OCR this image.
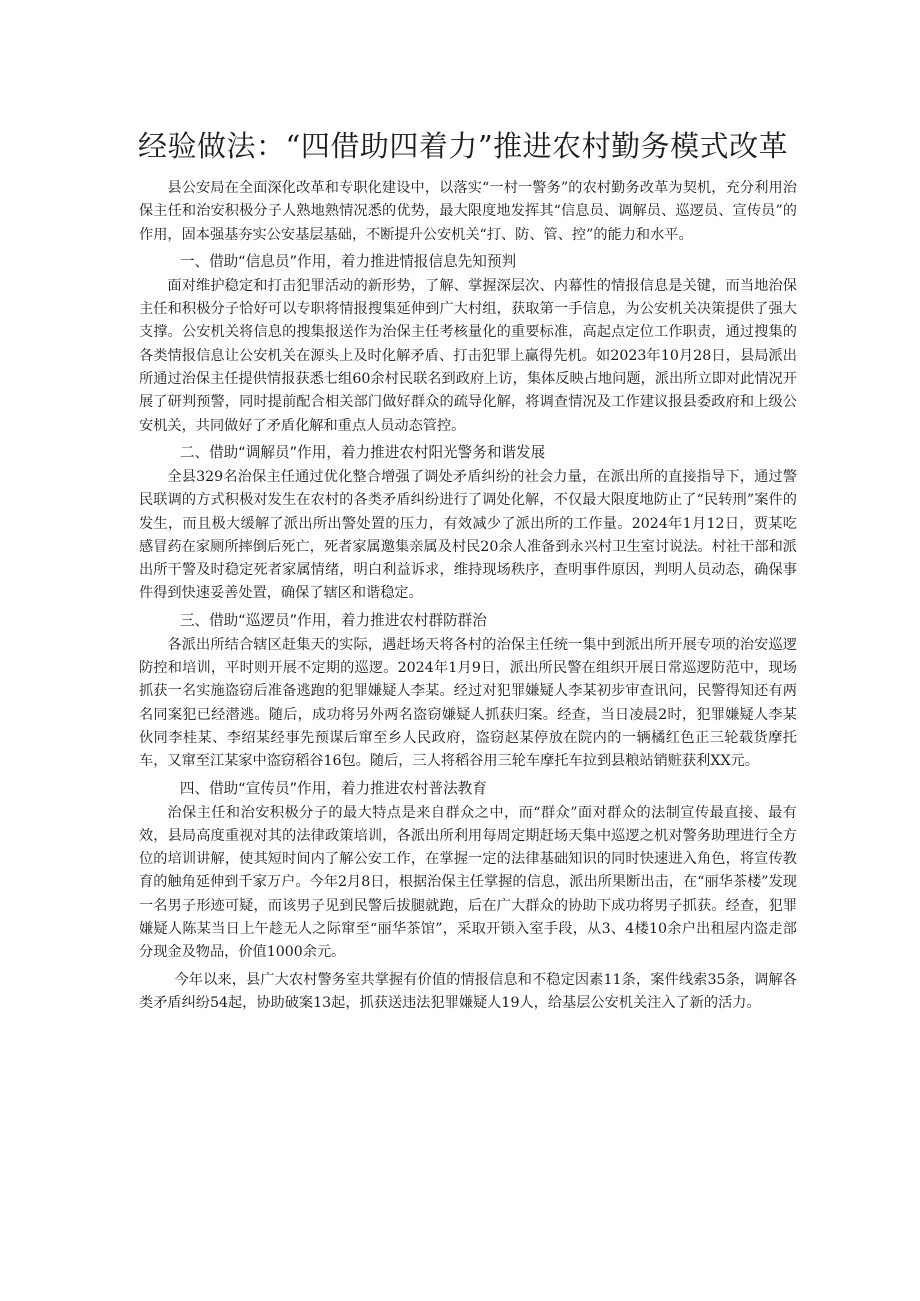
经验做法：“四借助四着力”推进农村勤务模式改革

县公安局在全面深化改革和专职化建设中，以落实“一村一警务”的农村勤务改革为契机，充分利用治保主任和治安积极分子人熟地熟情况悉的优势，最大限度地发挥其“信息员、调解员、巡逻员、宣传员”的作用，固本强基夯实公安基层基础，不断提升公安机关“打、防、管、控”的能力和水平。

一、借助“信息员”作用，着力推进情报信息先知预判

面对维护稳定和打击犯罪活动的新形势，了解、掌握深层次、内幕性的情报信息是关键，而当地治保主任和积极分子恰好可以专职将情报搜集延伸到广大村组，获取第一手信息，为公安机关决策提供了强大支撑。公安机关将信息的搜集报送作为治保主任考核量化的重要标准，高起点定位工作职责，通过搜集的各类情报信息让公安机关在源头上及时化解矛盾、打击犯罪上赢得先机。如2023年10月28日，县局派出所通过治保主任提供情报获悉七组60余村民联名到政府上访，集体反映占地问题，派出所立即对此情况开展了研判预警，同时提前配合相关部门做好群众的疏导化解，将调查情况及工作建议报县委政府和上级公安机关，共同做好了矛盾化解和重点人员动态管控。

二、借助“调解员”作用，着力推进农村阳光警务和谐发展

全县329名治保主任通过优化整合增强了调处矛盾纠纷的社会力量，在派出所的直接指导下，通过警民联调的方式积极对发生在农村的各类矛盾纠纷进行了调处化解，不仅最大限度地防止了“民转刑”案件的发生，而且极大缓解了派出所出警处置的压力，有效减少了派出所的工作量。2024年1月12日，贾某吃感冒药在家厕所摔倒后死亡，死者家属邀集亲属及村民20余人准备到永兴村卫生室讨说法。村社干部和派出所干警及时稳定死者家属情绪，明白利益诉求，维持现场秩序，查明事件原因，判明人员动态，确保事件得到快速妥善处置，确保了辖区和谐稳定。

三、借助“巡逻员”作用，着力推进农村群防群治

各派出所结合辖区赶集天的实际，遇赶场天将各村的治保主任统一集中到派出所开展专项的治安巡逻防控和培训，平时则开展不定期的巡逻。2024年1月9日，派出所民警在组织开展日常巡逻防范中，现场抓获一名实施盗窃后准备逃跑的犯罪嫌疑人李某。经过对犯罪嫌疑人李某初步审查讯问，民警得知还有两名同案犯已经潜逃。随后，成功将另外两名盗窃嫌疑人抓获归案。经查，当日凌晨2时，犯罪嫌疑人李某伙同李桂某、李绍某经事先预谋后窜至乡人民政府，盗窃赵某停放在院内的一辆橘红色正三轮载货摩托车，又窜至江某家中盗窃稻谷16包。随后，三人将稻谷用三轮车摩托车拉到县粮站销赃获利XX元。

四、借助“宣传员”作用，着力推进农村普法教育

治保主任和治安积极分子的最大特点是来自群众之中，而“群众”面对群众的法制宣传最直接、最有效，县局高度重视对其的法律政策培训，各派出所利用每周定期赶场天集中巡逻之机对警务助理进行全方位的培训讲解，使其短时间内了解公安工作，在掌握一定的法律基础知识的同时快速进入角色，将宣传教育的触角延伸到千家万户。今年2月8日，根据治保主任掌握的信息，派出所果断出击，在“丽华茶楼”发现一名男子形迹可疑，而该男子见到民警后拔腿就跑，后在广大群众的协助下成功将男子抓获。经查，犯罪嫌疑人陈某当日上午趁无人之际窜至“丽华茶馆”，采取开锁入室手段，从3、4楼10余户出租屋内盗走部分现金及物品，价值1000余元。

今年以来，县广大农村警务室共掌握有价值的情报信息和不稳定因素11条，案件线索35条，调解各类矛盾纠纷54起，协助破案13起，抓获送违法犯罪嫌疑人19人，给基层公安机关注入了新的活力。
